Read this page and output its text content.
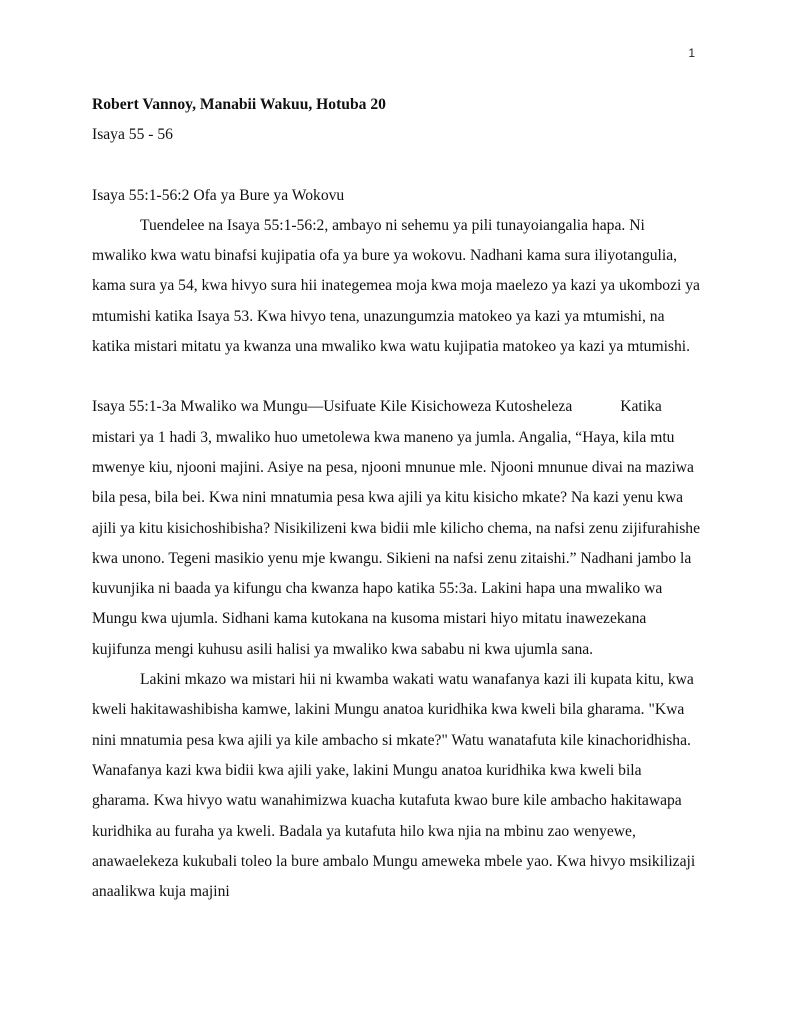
1

Robert Vannoy, Manabii Wakuu, Hotuba 20

Isaya 55 - 56

Isaya 55:1-56:2 Ofa ya Bure ya Wokovu

Tuendelee na Isaya 55:1-56:2, ambayo ni sehemu ya pili tunayoiangalia hapa. Ni mwaliko kwa watu binafsi kujipatia ofa ya bure ya wokovu. Nadhani kama sura iliyotangulia, kama sura ya 54, kwa hivyo sura hii inategemea moja kwa moja maelezo ya kazi ya ukombozi ya mtumishi katika Isaya 53. Kwa hivyo tena, unazungumzia matokeo ya kazi ya mtumishi, na katika mistari mitatu ya kwanza una mwaliko kwa watu kujipatia matokeo ya kazi ya mtumishi.

Isaya 55:1-3a Mwaliko wa Mungu—Usifuate Kile Kisichoweza Kutosheleza	Katika mistari ya 1 hadi 3, mwaliko huo umetolewa kwa maneno ya jumla. Angalia, “Haya, kila mtu mwenye kiu, njooni majini. Asiye na pesa, njooni mnunue mle. Njooni mnunue divai na maziwa bila pesa, bila bei. Kwa nini mnatumia pesa kwa ajili ya kitu kisicho mkate? Na kazi yenu kwa ajili ya kitu kisichoshibisha? Nisikilizeni kwa bidii mle kilicho chema, na nafsi zenu zijifurahishe kwa unono. Tegeni masikio yenu mje kwangu. Sikieni na nafsi zenu zitaishi.” Nadhani jambo la kuvunjika ni baada ya kifungu cha kwanza hapo katika 55:3a. Lakini hapa una mwaliko wa Mungu kwa ujumla. Sidhani kama kutokana na kusoma mistari hiyo mitatu inawezekana kujifunza mengi kuhusu asili halisi ya mwaliko kwa sababu ni kwa ujumla sana.

Lakini mkazo wa mistari hii ni kwamba wakati watu wanafanya kazi ili kupata kitu, kwa kweli hakitawashibisha kamwe, lakini Mungu anatoa kuridhika kwa kweli bila gharama. "Kwa nini mnatumia pesa kwa ajili ya kile ambacho si mkate?" Watu wanatafuta kile kinachoridhisha. Wanafanya kazi kwa bidii kwa ajili yake, lakini Mungu anatoa kuridhika kwa kweli bila gharama. Kwa hivyo watu wanahimizwa kuacha kutafuta kwao bure kile ambacho hakitawapa kuridhika au furaha ya kweli. Badala ya kutafuta hilo kwa njia na mbinu zao wenyewe, anawaelekeza kukubali toleo la bure ambalo Mungu ameweka mbele yao. Kwa hivyo msikilizaji anaalikwa kuja majini
